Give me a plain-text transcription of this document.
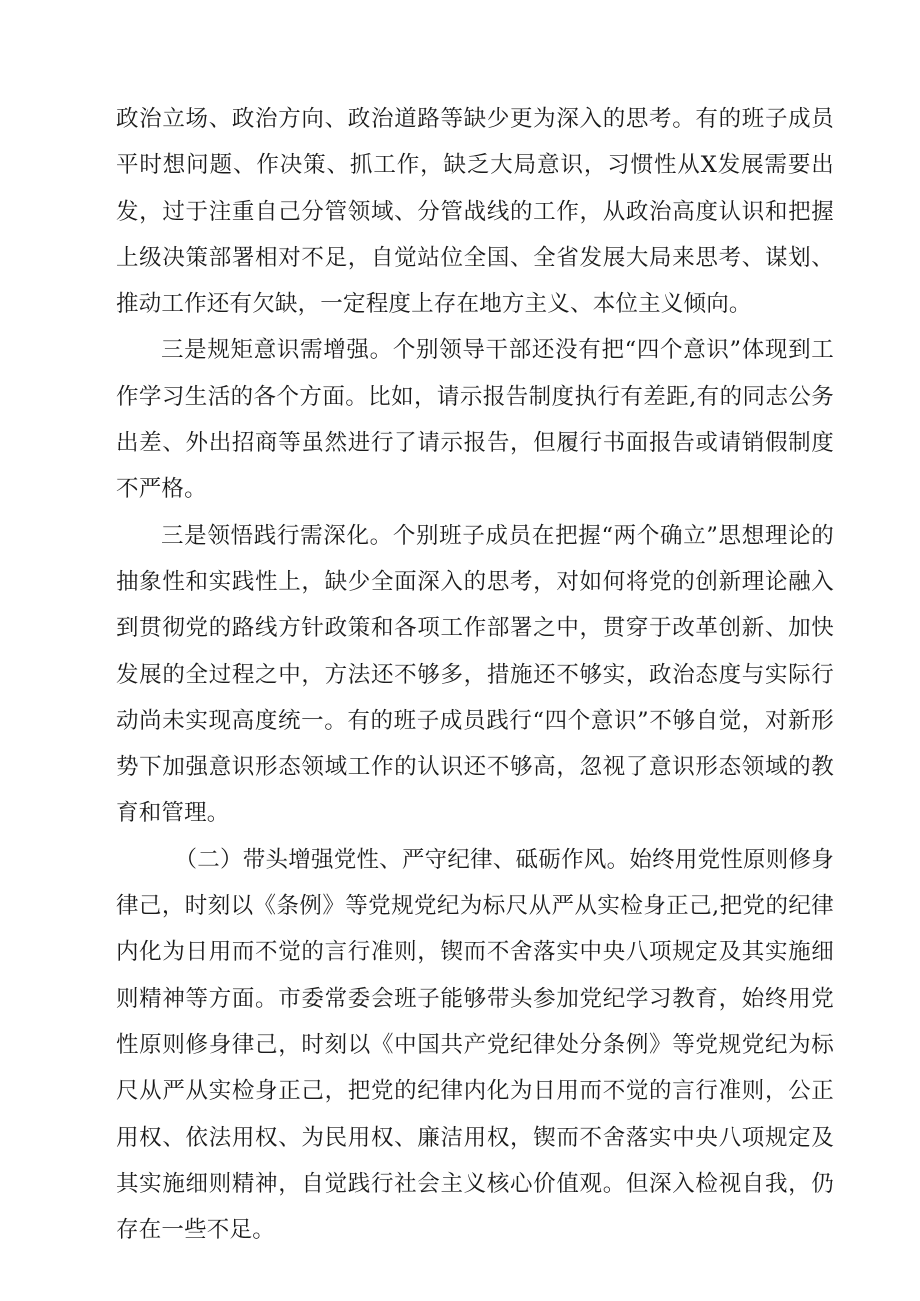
政治立场、政治方向、政治道路等缺少更为深入的思考。有的班子成员平时想问题、作决策、抓工作，缺乏大局意识，习惯性从X发展需要出发，过于注重自己分管领域、分管战线的工作，从政治高度认识和把握上级决策部署相对不足，自觉站位全国、全省发展大局来思考、谋划、推动工作还有欠缺，一定程度上存在地方主义、本位主义倾向。

三是规矩意识需增强。个别领导干部还没有把“四个意识”体现到工作学习生活的各个方面。比如，请示报告制度执行有差距,有的同志公务出差、外出招商等虽然进行了请示报告，但履行书面报告或请销假制度不严格。

三是领悟践行需深化。个别班子成员在把握“两个确立”思想理论的抽象性和实践性上，缺少全面深入的思考，对如何将党的创新理论融入到贯彻党的路线方针政策和各项工作部署之中，贯穿于改革创新、加快发展的全过程之中，方法还不够多，措施还不够实，政治态度与实际行动尚未实现高度统一。有的班子成员践行“四个意识”不够自觉，对新形势下加强意识形态领域工作的认识还不够高，忽视了意识形态领域的教育和管理。

（二）带头增强党性、严守纪律、砥砺作风。始终用党性原则修身律己，时刻以《条例》等党规党纪为标尺从严从实检身正己,把党的纪律内化为日用而不觉的言行准则，锲而不舍落实中央八项规定及其实施细则精神等方面。市委常委会班子能够带头参加党纪学习教育，始终用党性原则修身律己，时刻以《中国共产党纪律处分条例》等党规党纪为标尺从严从实检身正己，把党的纪律内化为日用而不觉的言行准则，公正用权、依法用权、为民用权、廉洁用权，锲而不舍落实中央八项规定及其实施细则精神，自觉践行社会主义核心价值观。但深入检视自我，仍存在一些不足。
